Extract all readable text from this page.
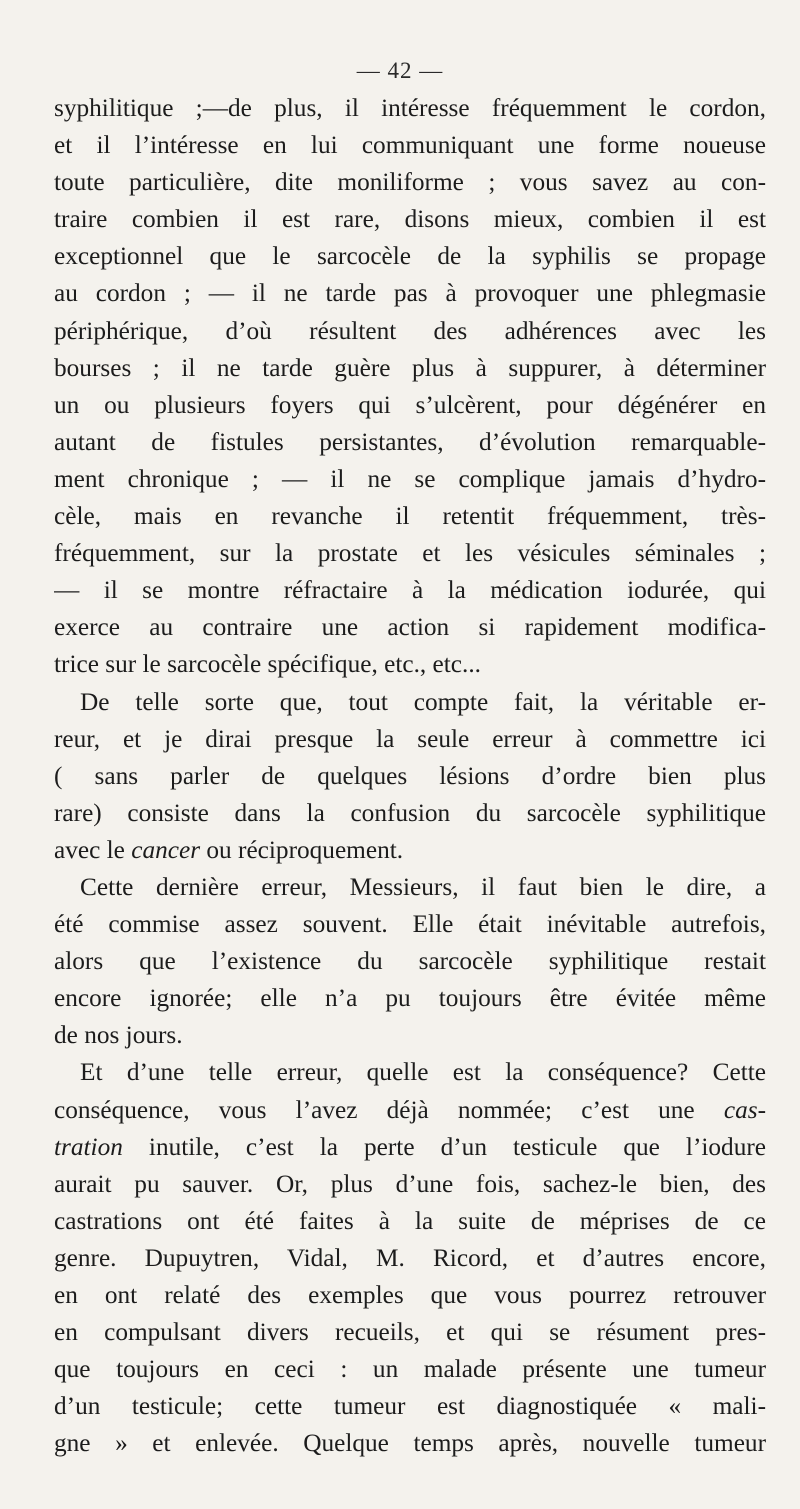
— 42 —
syphilitique ;—de plus, il intéresse fréquemment le cordon,
et il l’intéresse en lui communiquant une forme noueuse
toute particulière, dite moniliforme ; vous savez au con-
traire combien il est rare, disons mieux, combien il est
exceptionnel que le sarcocèle de la syphilis se propage
au cordon ; — il ne tarde pas à provoquer une phlegmasie
périphérique, d’où résultent des adhérences avec les
bourses ; il ne tarde guère plus à suppurer, à déterminer
un ou plusieurs foyers qui s’ulcèrent, pour dégénérer en
autant de fistules persistantes, d’évolution remarquable-
ment chronique ; — il ne se complique jamais d’hydro-
cèle, mais en revanche il retentit fréquemment, très-
fréquemment, sur la prostate et les vésicules séminales ;
— il se montre réfractaire à la médication iodurée, qui
exerce au contraire une action si rapidement modifica-
trice sur le sarcocèle spécifique, etc., etc...
De telle sorte que, tout compte fait, la véritable er-
reur, et je dirai presque la seule erreur à commettre ici
( sans parler de quelques lésions d’ordre bien plus
rare) consiste dans la confusion du sarcocèle syphilitique
avec le cancer ou réciproquement.
Cette dernière erreur, Messieurs, il faut bien le dire, a
été commise assez souvent. Elle était inévitable autrefois,
alors que l’existence du sarcocèle syphilitique restait
encore ignorée; elle n’a pu toujours être évitée même
de nos jours.
Et d’une telle erreur, quelle est la conséquence? Cette
conséquence, vous l’avez déjà nommée; c’est une cas-
tration inutile, c’est la perte d’un testicule que l’iodure
aurait pu sauver. Or, plus d’une fois, sachez-le bien, des
castrations ont été faites à la suite de méprises de ce
genre. Dupuytren, Vidal, M. Ricord, et d’autres encore,
en ont relaté des exemples que vous pourrez retrouver
en compulsant divers recueils, et qui se résument pres-
que toujours en ceci : un malade présente une tumeur
d’un testicule; cette tumeur est diagnostiquée « mali-
gne » et enlevée. Quelque temps après, nouvelle tumeur
